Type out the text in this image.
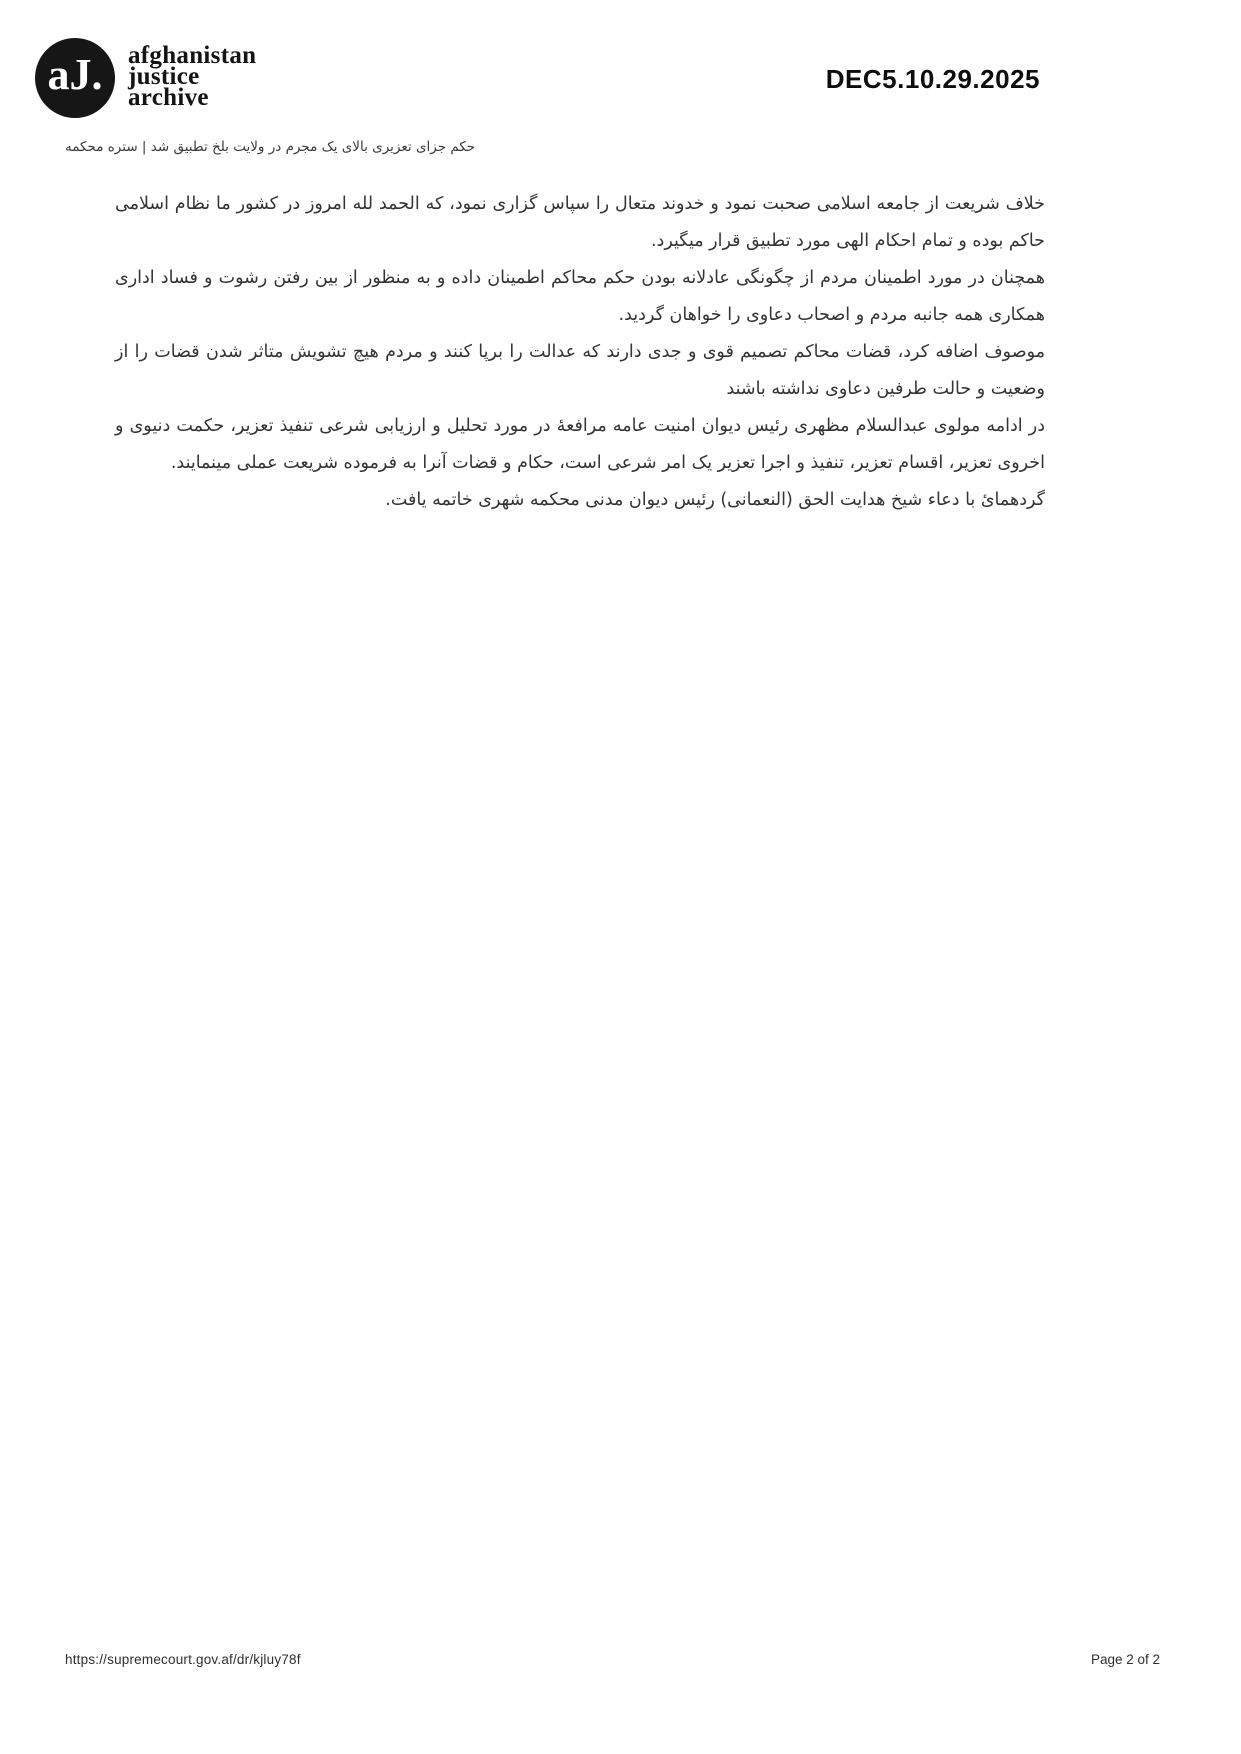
aJ. afghanistan
justice
archive
DEC5.10.29.2025
حکم جزای تعزیری بالای یک مجرم در ولایت بلخ تطبیق شد | ستره محکمه

خلاف شریعت از جامعه اسلامی صحبت نمود و خدوند متعال را سپاس گزاری نمود، که الحمد لله امروز در کشور ما نظام اسلامی حاکم بوده و تمام احکام الهی مورد تطبیق قرار میگیرد.

همچنان در مورد اطمینان مردم از چگونگی عادلانه بودن حکم محاکم اطمینان داده و به منظور از بین رفتن رشوت و فساد اداری همکاری همه جانبه مردم و اصحاب دعاوی را خواهان گردید.

موصوف اضافه کرد، قضات محاکم تصمیم قوی و جدی دارند که عدالت را برپا کنند و مردم هیچ تشویش متاثر شدن قضات را از وضعیت و حالت طرفین دعاوی نداشته باشند

در ادامه مولوی عبدالسلام مظهری رئیس دیوان امنیت عامه مرافعهٔ در مورد تحلیل و ارزیابی شرعی تنفیذ تعزیر، حکمت دنیوی و اخروی تعزیر، اقسام تعزیر، تنفیذ و اجرا تعزیر یک امر شرعی است، حکام و قضات آنرا به فرموده شریعت عملی مینمایند.

گردهمائ با دعاء شیخ هدایت الحق (النعمانی) رئیس دیوان مدنی محکمه شهری خاتمه یافت.

https://supremecourt.gov.af/dr/kjluy78f	Page 2 of 2
